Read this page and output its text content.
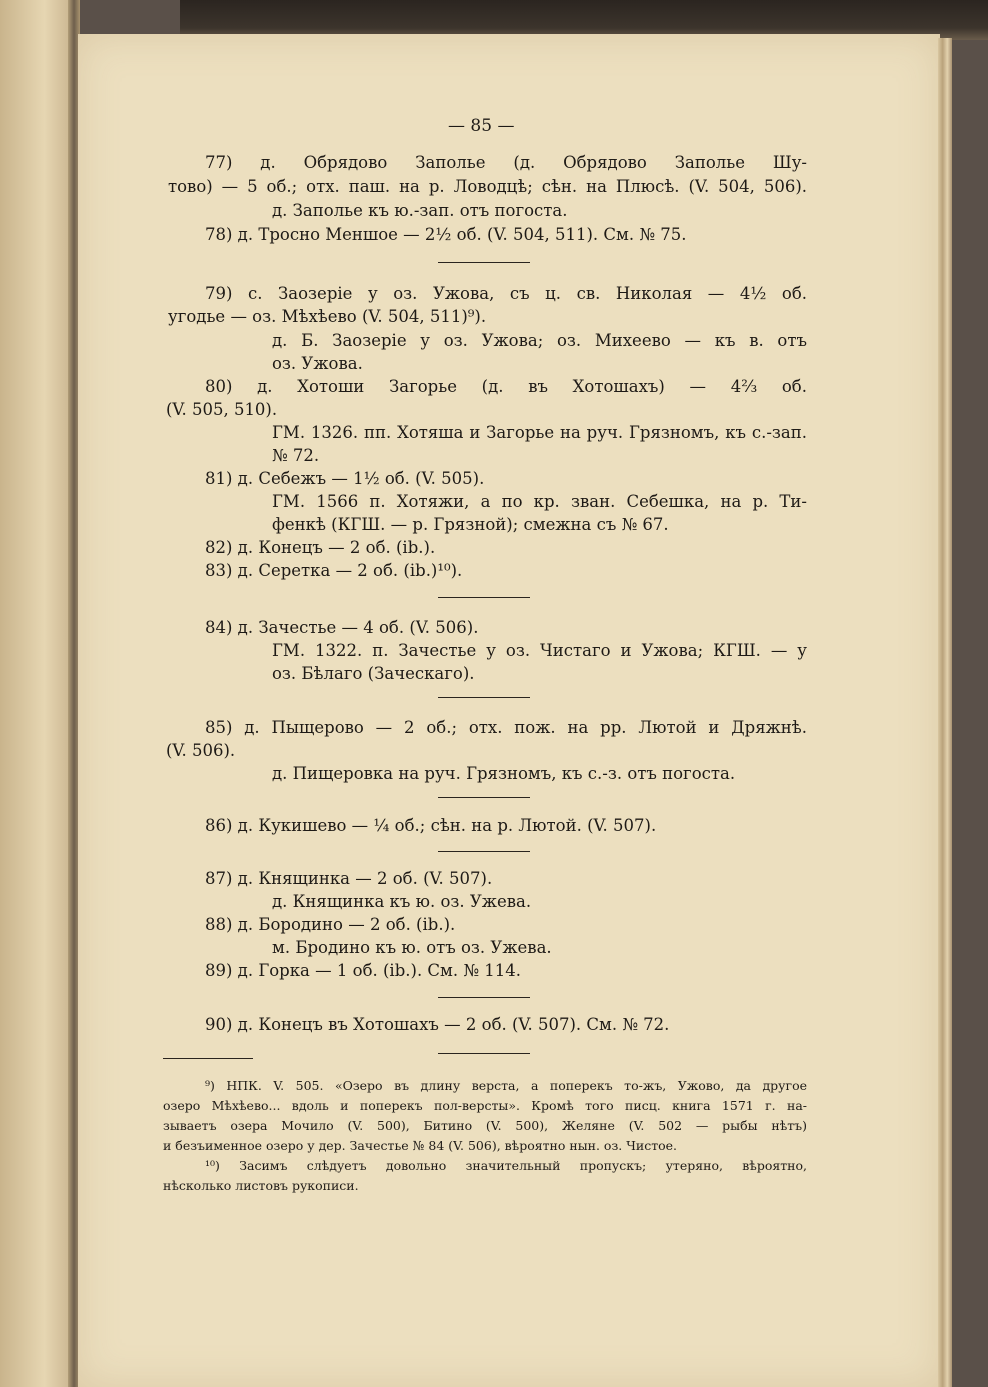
— 85 —
77) д. Обрядово Заполье (д. Обрядово Заполье Шу-
тово) — 5 об.; отх. паш. на р. Ловодцѣ; сѣн. на Плюсѣ. (V. 504, 506).
д. Заполье къ ю.-зап. отъ погоста.
78) д. Тросно Меншое — 2½ об. (V. 504, 511). См. № 75.
79) с. Заозеріе у оз. Ужова, съ ц. св. Николая — 4½ об.
угодье — оз. Мѣхѣево (V. 504, 511)⁹).
д. Б. Заозеріе у оз. Ужова; оз. Михеево — къ в. отъ
оз. Ужова.
80) д. Хотоши Загорье (д. въ Хотошахъ) — 4⅔ об.
(V. 505, 510).
ГМ. 1326. пп. Хотяша и Загорье на руч. Грязномъ, къ с.-зап.
№ 72.
81) д. Себежъ — 1½ об. (V. 505).
ГМ. 1566 п. Хотяжи, а по кр. зван. Себешка, на р. Ти-
фенкѣ (КГШ. — р. Грязной); смежна съ № 67.
82) д. Конецъ — 2 об. (ib.).
83) д. Серетка — 2 об. (ib.)¹⁰).
84) д. Зачестье — 4 об. (V. 506).
ГМ. 1322. п. Зачестье у оз. Чистаго и Ужова; КГШ. — у
оз. Бѣлаго (Заческаго).
85) д. Пыщерово — 2 об.; отх. пож. на рр. Лютой и Дряжнѣ.
(V. 506).
д. Пищеровка на руч. Грязномъ, къ с.-з. отъ погоста.
86) д. Кукишево — ¼ об.; сѣн. на р. Лютой. (V. 507).
87) д. Княщинка — 2 об. (V. 507).
д. Княщинка къ ю. оз. Ужева.
88) д. Бородино — 2 об. (ib.).
м. Бродино къ ю. отъ оз. Ужева.
89) д. Горка — 1 об. (ib.). См. № 114.
90) д. Конецъ въ Хотошахъ — 2 об. (V. 507). См. № 72.
⁹) НПК. V. 505. «Озеро въ длину верста, а поперекъ то-жъ, Ужово, да другое
озеро Мѣхѣево... вдоль и поперекъ пол-версты». Кромѣ того писц. книга 1571 г. на-
зываетъ озера Мочило (V. 500), Битино (V. 500), Желяне (V. 502 — рыбы нѣтъ)
и безъименное озеро у дер. Зачестье № 84 (V. 506), вѣроятно нын. оз. Чистое.
¹⁰) Засимъ слѣдуетъ довольно значительный пропускъ; утеряно, вѣроятно,
нѣсколько листовъ рукописи.
